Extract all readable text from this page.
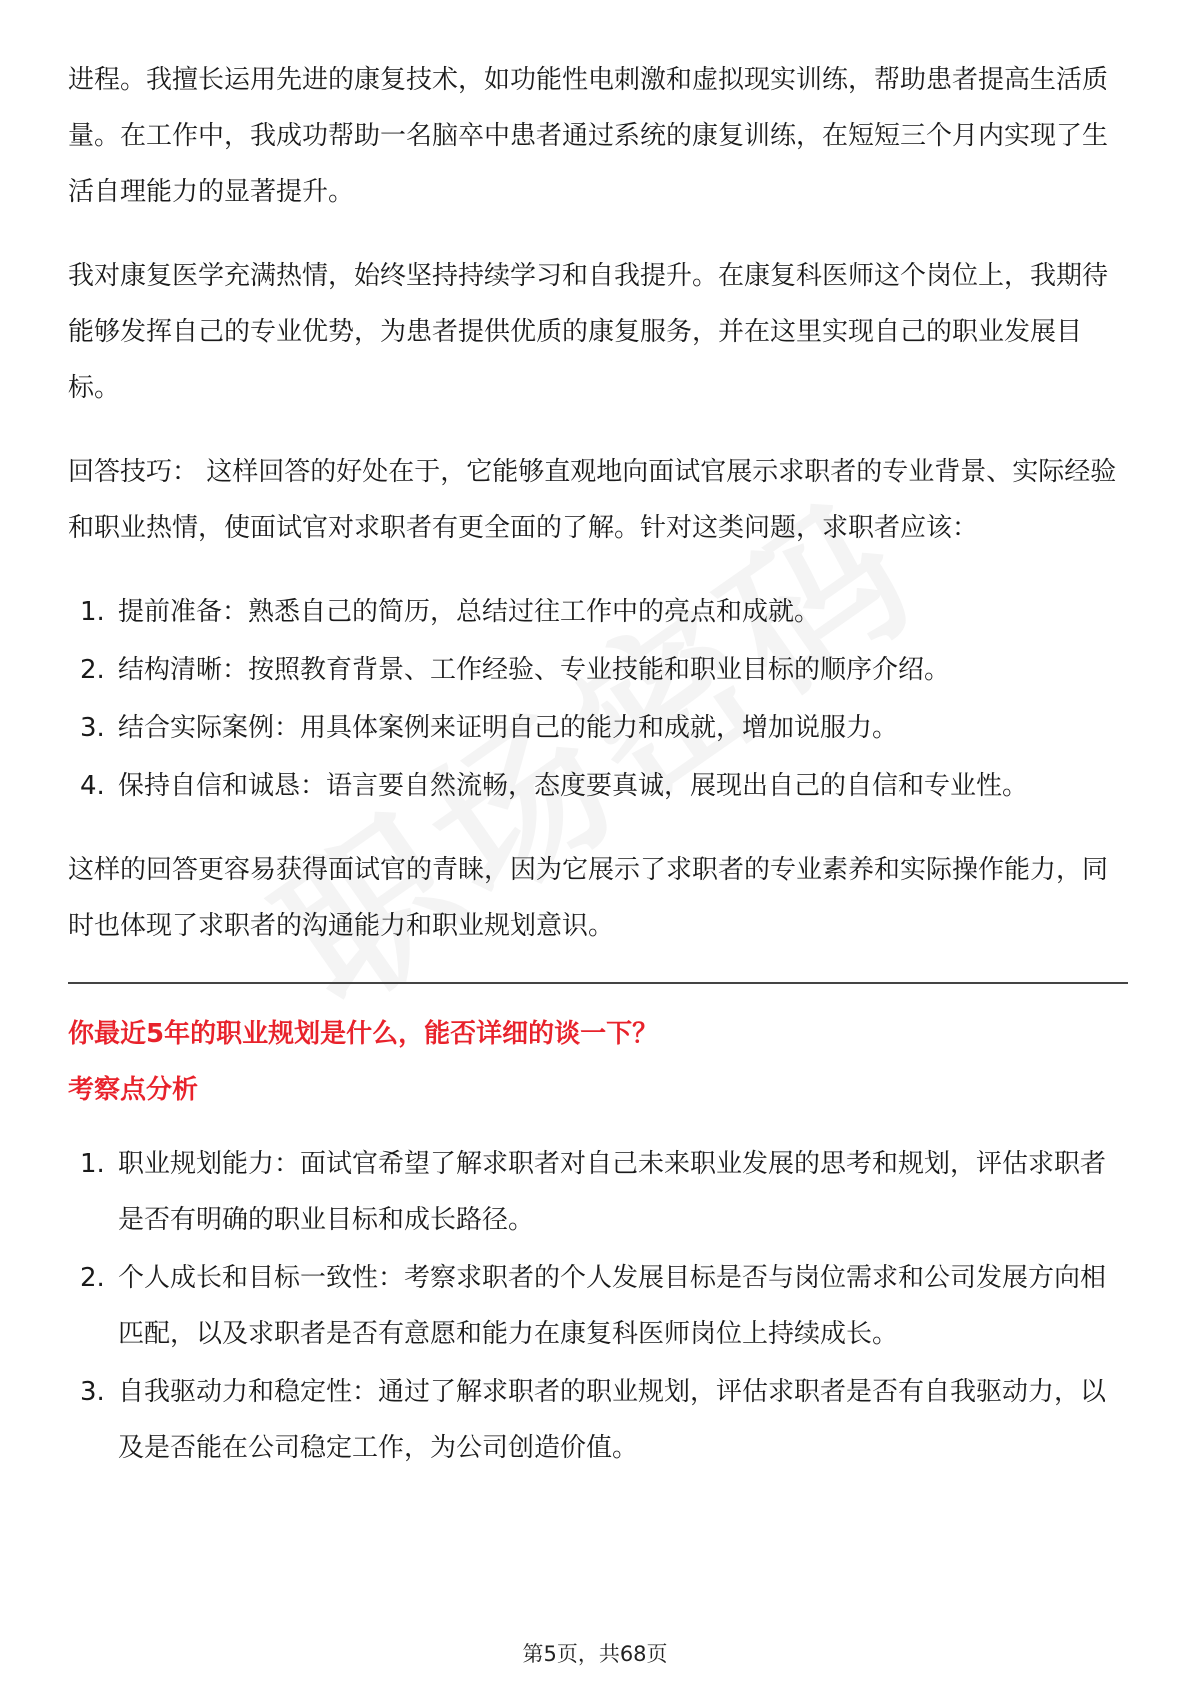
进程。我擅长运用先进的康复技术，如功能性电刺激和虚拟现实训练，帮助患者提高生活质量。在工作中，我成功帮助一名脑卒中患者通过系统的康复训练，在短短三个月内实现了生活自理能力的显著提升。

我对康复医学充满热情，始终坚持持续学习和自我提升。在康复科医师这个岗位上，我期待能够发挥自己的专业优势，为患者提供优质的康复服务，并在这里实现自己的职业发展目标。

回答技巧： 这样回答的好处在于，它能够直观地向面试官展示求职者的专业背景、实际经验和职业热情，使面试官对求职者有更全面的了解。针对这类问题，求职者应该：

1. 提前准备：熟悉自己的简历，总结过往工作中的亮点和成就。
2. 结构清晰：按照教育背景、工作经验、专业技能和职业目标的顺序介绍。
3. 结合实际案例：用具体案例来证明自己的能力和成就，增加说服力。
4. 保持自信和诚恳：语言要自然流畅，态度要真诚，展现出自己的自信和专业性。

这样的回答更容易获得面试官的青睐，因为它展示了求职者的专业素养和实际操作能力，同时也体现了求职者的沟通能力和职业规划意识。

你最近5年的职业规划是什么，能否详细的谈一下？

考察点分析

1. 职业规划能力：面试官希望了解求职者对自己未来职业发展的思考和规划，评估求职者是否有明确的职业目标和成长路径。
2. 个人成长和目标一致性：考察求职者的个人发展目标是否与岗位需求和公司发展方向相匹配，以及求职者是否有意愿和能力在康复科医师岗位上持续成长。
3. 自我驱动力和稳定性：通过了解求职者的职业规划，评估求职者是否有自我驱动力，以及是否能在公司稳定工作，为公司创造价值。
第5页，共68页
